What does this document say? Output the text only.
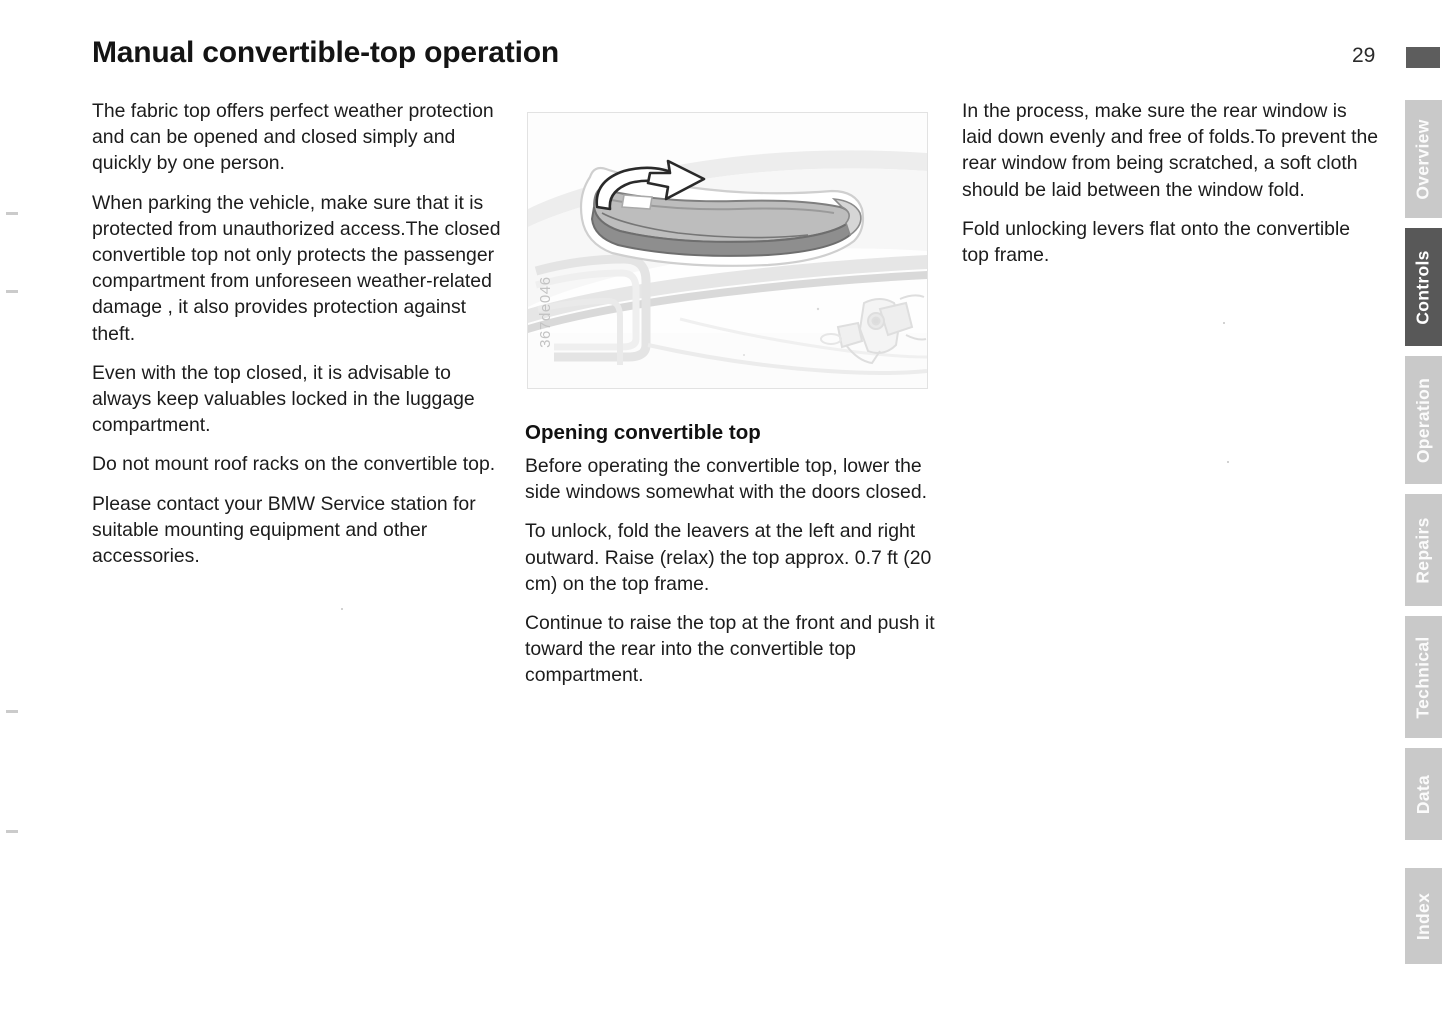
Manual convertible-top operation	29

The fabric top offers perfect weather protection and can be opened and closed simply and quickly by one person.

When parking the vehicle, make sure that it is protected from unauthorized access.The closed convertible top not only protects the passenger compartment from unforeseen weather-related damage , it also provides protection against theft.

Even with the top closed, it is advisable to always keep valuables locked in the luggage compartment.

Do not mount roof racks on the convertible top.

Please contact your BMW Service station for suitable mounting equipment and other accessories.

367de046
Opening convertible top

Before operating the convertible top, lower the side windows somewhat with the doors closed.

To unlock, fold the leavers at the left and right outward. Raise (relax) the top approx. 0.7 ft (20 cm) on the top frame.

Continue to raise the top at the front and push it toward the rear into the convertible top compartment.

In the process, make sure the rear window is laid down evenly and free of folds.To prevent the rear window from being scratched, a soft cloth should be laid between the window fold.

Fold unlocking levers flat onto the convertible top frame.

Overview
Controls
Operation
Repairs
Technical
Data
Index
